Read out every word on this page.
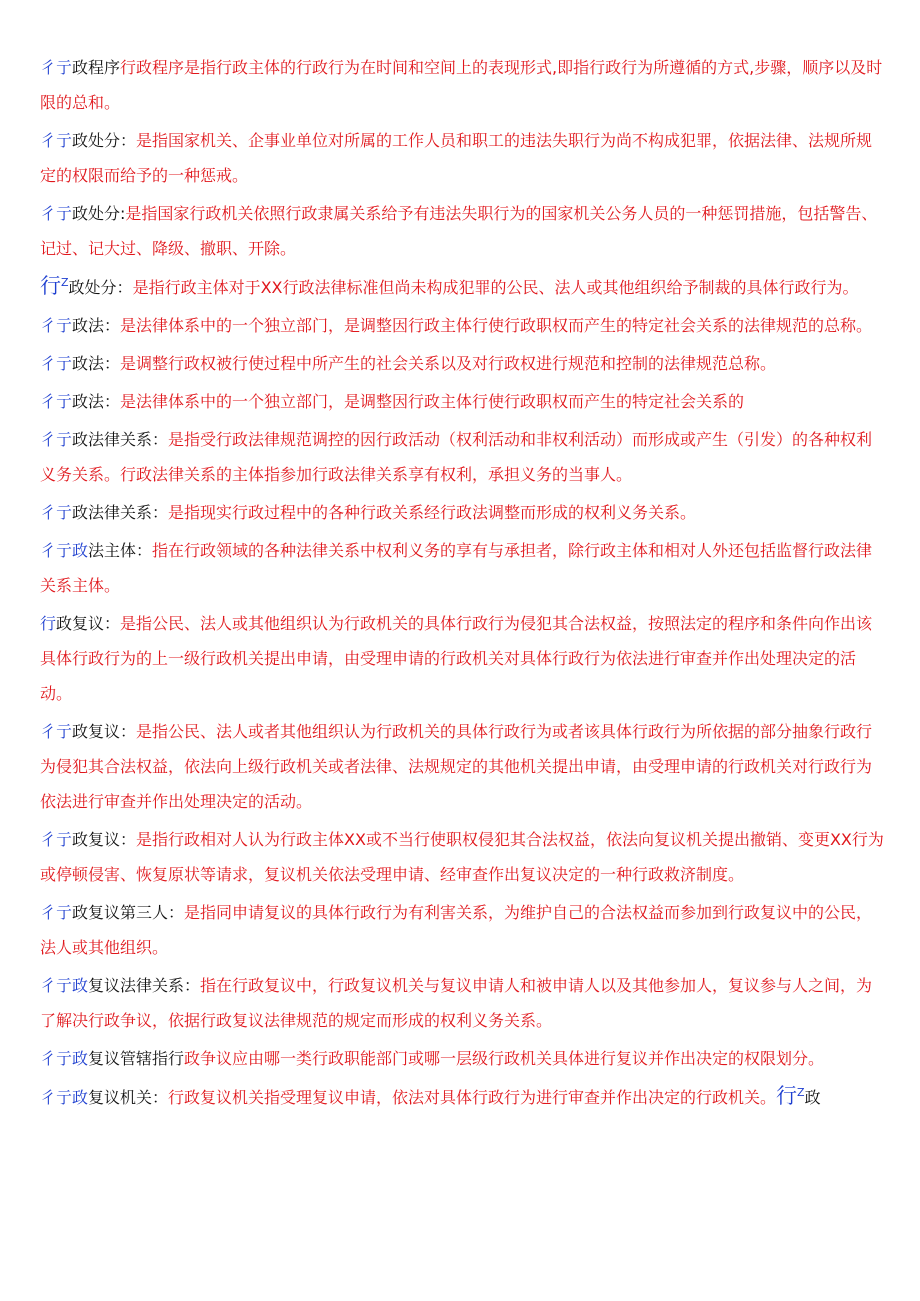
彳亍政程序行政程序是指行政主体的行政行为在时间和空间上的表现形式,即指行政行为所遵循的方式,步骤，顺序以及时限的总和。

彳亍政处分：是指国家机关、企事业单位对所属的工作人员和职工的违法失职行为尚不构成犯罪，依据法律、法规所规定的权限而给予的一种惩戒。

彳亍政处分:是指国家行政机关依照行政隶属关系给予有违法失职行为的国家机关公务人员的一种惩罚措施，包括警告、记过、记大过、降级、撤职、开除。

行$^Z$政处分：是指行政主体对于XX行政法律标准但尚未构成犯罪的公民、法人或其他组织给予制裁的具体行政行为。

彳亍政法：是法律体系中的一个独立部门，是调整因行政主体行使行政职权而产生的特定社会关系的法律规范的总称。

彳亍政法：是调整行政权被行使过程中所产生的社会关系以及对行政权进行规范和控制的法律规范总称。

彳亍政法：是法律体系中的一个独立部门，是调整因行政主体行使行政职权而产生的特定社会关系的

彳亍政法律关系：是指受行政法律规范调控的因行政活动（权利活动和非权利活动）而形成或产生（引发）的各种权利义务关系。行政法律关系的主体指参加行政法律关系享有权利，承担义务的当事人。

彳亍政法律关系：是指现实行政过程中的各种行政关系经行政法调整而形成的权利义务关系。

彳亍政法主体：指在行政领域的各种法律关系中权利义务的享有与承担者，除行政主体和相对人外还包括监督行政法律关系主体。

行政复议：是指公民、法人或其他组织认为行政机关的具体行政行为侵犯其合法权益，按照法定的程序和条件向作出该具体行政行为的上一级行政机关提出申请，由受理申请的行政机关对具体行政行为依法进行审查并作出处理决定的活动。

彳亍政复议：是指公民、法人或者其他组织认为行政机关的具体行政行为或者该具体行政行为所依据的部分抽象行政行为侵犯其合法权益，依法向上级行政机关或者法律、法规规定的其他机关提出申请，由受理申请的行政机关对行政行为依法进行审查并作出处理决定的活动。

彳亍政复议：是指行政相对人认为行政主体XX或不当行使职权侵犯其合法权益，依法向复议机关提出撤销、变更XX行为或停顿侵害、恢复原状等请求，复议机关依法受理申请、经审查作出复议决定的一种行政救济制度。

彳亍政复议第三人：是指同申请复议的具体行政行为有利害关系，为维护自己的合法权益而参加到行政复议中的公民，法人或其他组织。

彳亍政复议法律关系：指在行政复议中，行政复议机关与复议申请人和被申请人以及其他参加人，复议参与人之间，为了解决行政争议，依据行政复议法律规范的规定而形成的权利义务关系。

彳亍政复议管辖指行政争议应由哪一类行政职能部门或哪一层级行政机关具体进行复议并作出决定的权限划分。

彳亍政复议机关：行政复议机关指受理复议申请，依法对具体行政行为进行审查并作出决定的行政机关。行$^Z$政
